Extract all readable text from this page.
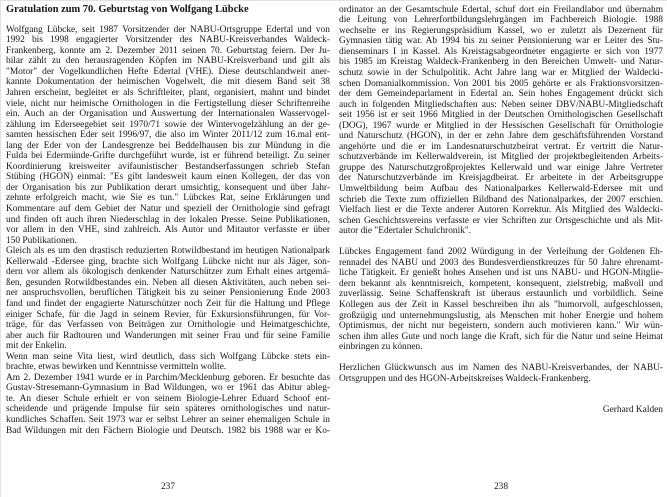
Gratulation zum 70. Geburtstag von Wolfgang Lübcke
Wolfgang Lübcke, seit 1987 Vorsitzender der NABU-Ortsgruppe Edertal und von
1992 bis 1998 engagierter Vorsitzender des NABU-Kreisverbandes Waldeck-
Frankenberg, konnte am 2. Dezember 2011 seinen 70. Geburtstag feiern. Der Ju-
bilar zählt zu den herausragenden Köpfen im NABU-Kreisverband und gilt als
"Motor" der Vogelkundlichen Hefte Edertal (VHE). Diese deutschlandweit aner-
kannte Dokumentation der heimischen Vogelwelt, die mit diesem Band seit 38
Jahren erscheint, begleitet er als Schriftleiter, plant, organisiert, mahnt und bindet
viele, nicht nur heimische Ornithologen in die Fertigstellung dieser Schriftenreihe
ein. Auch an der Organisation und Auswertung der Internationalen Wasservogel-
zählung im Ederseegebiet seit 1970/71 sowie der Wintervogelzählung an der ge-
samten hessischen Eder seit 1996/97, die also im Winter 2011/12 zum 16.mal ent-
lang der Eder von der Landesgrenze bei Beddelhausen bis zur Mündung in die
Fulda bei Edermünde-Grifte durchgeführt wurde, ist er führend beteiligt. Zu seiner
Koordinierung kreisweiter avifaunistischer Bestandserfassungen schrieb Stefan
Stübing (HGON) einmal: "Es gibt landesweit kaum einen Kollegen, der das von
der Organisation bis zur Publikation derart umsichtig, konsequent und über Jahr-
zehnte erfolgreich macht, wie Sie es tun." Lübckes Rat, seine Erklärungen und
Kommentare auf dem Gebiet der Natur und speziell der Ornithologie sind gefragt
und finden oft auch ihren Niederschlag in der lokalen Presse. Seine Publikationen,
vor allem in den VHE, sind zahlreich. Als Autor und Mitautor verfasste er über
150 Publikationen.
Gleich als es um den drastisch reduzierten Rotwildbestand im heutigen Nationalpark
Kellerwald -Edersee ging, brachte sich Wolfgang Lübcke nicht nur als Jäger, son-
dern vor allem als ökologisch denkender Naturschützer zum Erhalt eines artgemä-
ßen, gesunden Rotwildbestandes ein. Neben all diesen Aktivitäten, auch neben sei-
ner anspruchsvollen, beruflichen Tätigkeit bis zu seiner Pensionierung Ende 2003
fand und findet der engagierte Naturschützer noch Zeit für die Haltung und Pflege
einiger Schafe, für die Jagd in seinem Revier, für Exkursionsführungen, für Vor-
träge, für das Verfassen von Beiträgen zur Ornithologie und Heimatgeschichte,
aber auch für Radtouren und Wanderungen mit seiner Frau und für seine Familie
mit der Enkelin.
Wenn man seine Vita liest, wird deutlich, dass sich Wolfgang Lübcke stets ein-
brachte, etwas bewirken und Kenntnisse vermitteln wollte.
Am 2. Dezember 1941 wurde er in Parchim/Mecklenburg geboren. Er besuchte das
Gustav-Stresemann-Gymnasium in Bad Wildungen, wo er 1961 das Abitur ableg-
te. An dieser Schule erhielt er von seinem Biologie-Lehrer Eduard Schoof ent-
scheidende und prägende Impulse für sein späteres ornithologisches und natur-
kundliches Schaffen. Seit 1973 war er selbst Lehrer an seiner ehemaligen Schule in
Bad Wildungen mit den Fächern Biologie und Deutsch. 1982 bis 1988 war er Ko-
237
ordinator an der Gesamtschule Edertal, schuf dort ein Freilandlabor und übernahm
die Leitung von Lehrerfortbildungslehrgängen im Fachbereich Biologie. 1988
wechselte er ins Regierungspräsidium Kassel, wo er zuletzt als Dezernent für
Gymnasien tätig war. Ab 1994 bis zu seiner Pensionierung war er Leiter des Stu-
dienseminars I in Kassel. Als Kreistagsabgeordneter engagierte er sich von 1977
bis 1985 im Kreistag Waldeck-Frankenberg in den Bereichen Umwelt- und Natur-
schutz sowie in der Schulpolitik. Acht Jahre lang war er Mitglied der Waldecki-
schen Domanialkommission. Von 2001 bis 2005 gehörte er als Fraktionsvorsitzen-
der dem Gemeindeparlament in Edertal an. Sein hohes Engagement drückt sich
auch in folgenden Mitgliedschaften aus: Neben seiner DBV/NABU-Mitgliedschaft
seit 1956 ist er seit 1966 Mitglied in der Deutschen Ornithologischen Gesellschaft
(DOG), 1967 wurde er Mitglied in der Hessischen Gesellschaft für Ornithologie
und Naturschutz (HGON), in der er zehn Jahre dem geschäftsführenden Vorstand
angehörte und die er im Landesnaturschutzbeirat vertrat. Er vertritt die Natur-
schutzverbände im Kellerwaldverein, ist Mitglied der projektbegleitenden Arbeits-
gruppe des Naturschutzgroßprojektes Kellerwald und war einige Jahre Vertreter
der Naturschutzverbände im Kreisjagdbeirat. Er arbeitete in der Arbeitsgruppe
Umweltbildung beim Aufbau des Nationalparkes Kellerwald-Edersee mit und
schrieb die Texte zum offiziellen Bildband des Nationalparkes, der 2007 erschien.
Vielfach liest er die Texte anderer Autoren Korrektur. Als Mitglied des Waldecki-
schen Geschichtsvereins verfasste er vier Schriften zur Ortsgeschichte und als Mit-
autor die "Edertaler Schulchronik".
Lübckes Engagement fand 2002 Würdigung in der Verleihung der Goldenen Eh-
rennadel des NABU und 2003 des Bundesverdienstkreuzes für 50 Jahre ehrenamt-
liche Tätigkeit. Er genießt hohes Ansehen und ist uns NABU- und HGON-Mitglie-
dern bekannt als kenntnisreich, kompetent, konsequent, zielstrebig, maßvoll und
zuverlässig. Seine Schaffenskraft ist überaus erstaunlich und vorbildlich. Seine
Kollegen aus der Zeit in Kassel beschreiben ihn als "humorvoll, aufgeschlossen,
großzügig und unternehmungslustig, als Menschen mit hoher Energie und hohem
Optimismus, der nicht nur begeistern, sondern auch motivieren kann." Wir wün-
schen ihm alles Gute und noch lange die Kraft, sich für die Natur und seine Heimat
einbringen zu können.
Herzlichen Glückwunsch aus im Namen des NABU-Kreisverbandes, der NABU-
Ortsgruppen und des HGON-Arbeitskreises Waldeck-Frankenberg.
Gerhard Kalden
238
